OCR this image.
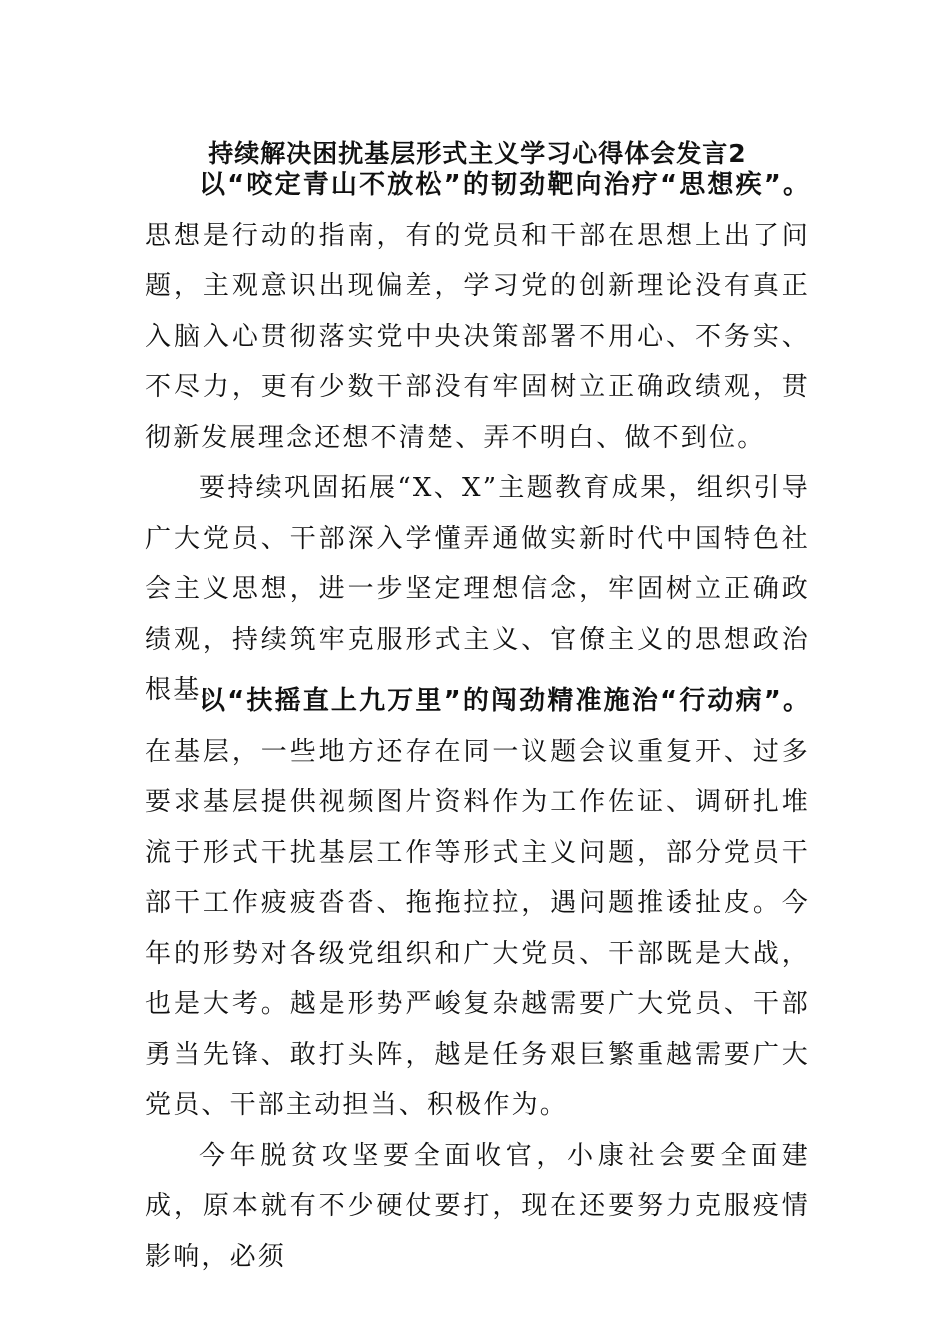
持续解决困扰基层形式主义学习心得体会发言2

以“咬定青山不放松”的韧劲靶向治疗“思想疾”。思想是行动的指南，有的党员和干部在思想上出了问题，主观意识出现偏差，学习党的创新理论没有真正入脑入心贯彻落实党中央决策部署不用心、不务实、不尽力，更有少数干部没有牢固树立正确政绩观，贯彻新发展理念还想不清楚、弄不明白、做不到位。

要持续巩固拓展“X、X”主题教育成果，组织引导广大党员、干部深入学懂弄通做实新时代中国特色社会主义思想，进一步坚定理想信念，牢固树立正确政绩观，持续筑牢克服形式主义、官僚主义的思想政治根基。

以“扶摇直上九万里”的闯劲精准施治“行动病”。在基层，一些地方还存在同一议题会议重复开、过多要求基层提供视频图片资料作为工作佐证、调研扎堆流于形式干扰基层工作等形式主义问题，部分党员干部干工作疲疲沓沓、拖拖拉拉，遇问题推诿扯皮。今年的形势对各级党组织和广大党员、干部既是大战，也是大考。越是形势严峻复杂越需要广大党员、干部勇当先锋、敢打头阵，越是任务艰巨繁重越需要广大党员、干部主动担当、积极作为。

今年脱贫攻坚要全面收官，小康社会要全面建成，原本就有不少硬仗要打，现在还要努力克服疫情影响，必须
